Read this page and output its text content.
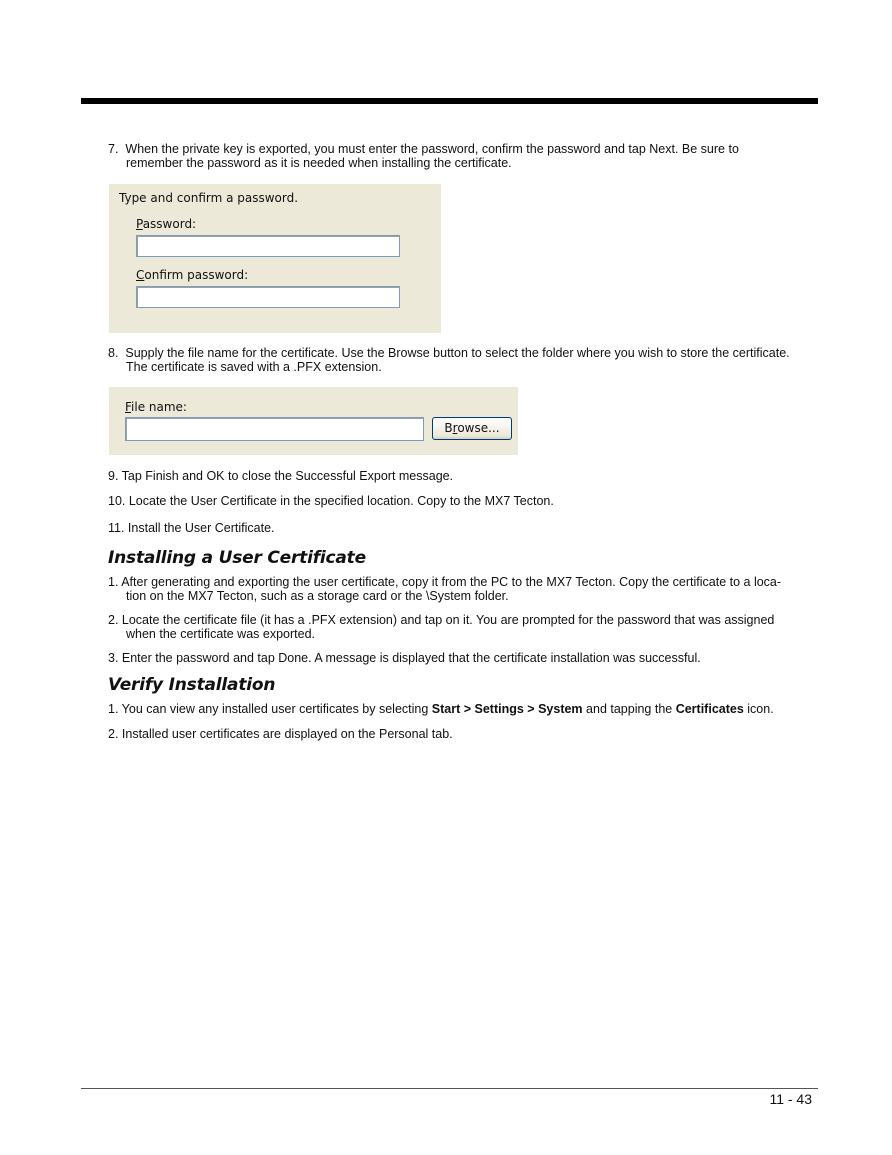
7. When the private key is exported, you must enter the password, confirm the password and tap Next. Be sure to
remember the password as it is needed when installing the certificate.
Type and confirm a password.
Password:
Confirm password:
8. Supply the file name for the certificate. Use the Browse button to select the folder where you wish to store the certificate.
The certificate is saved with a .PFX extension.
File name:
Browse...
9. Tap Finish and OK to close the Successful Export message.
10. Locate the User Certificate in the specified location. Copy to the MX7 Tecton.
11. Install the User Certificate.
Installing a User Certificate
1. After generating and exporting the user certificate, copy it from the PC to the MX7 Tecton. Copy the certificate to a loca-
tion on the MX7 Tecton, such as a storage card or the \System folder.
2. Locate the certificate file (it has a .PFX extension) and tap on it. You are prompted for the password that was assigned
when the certificate was exported.
3. Enter the password and tap Done. A message is displayed that the certificate installation was successful.
Verify Installation
1. You can view any installed user certificates by selecting Start > Settings > System and tapping the Certificates icon.
2. Installed user certificates are displayed on the Personal tab.
11 - 43
